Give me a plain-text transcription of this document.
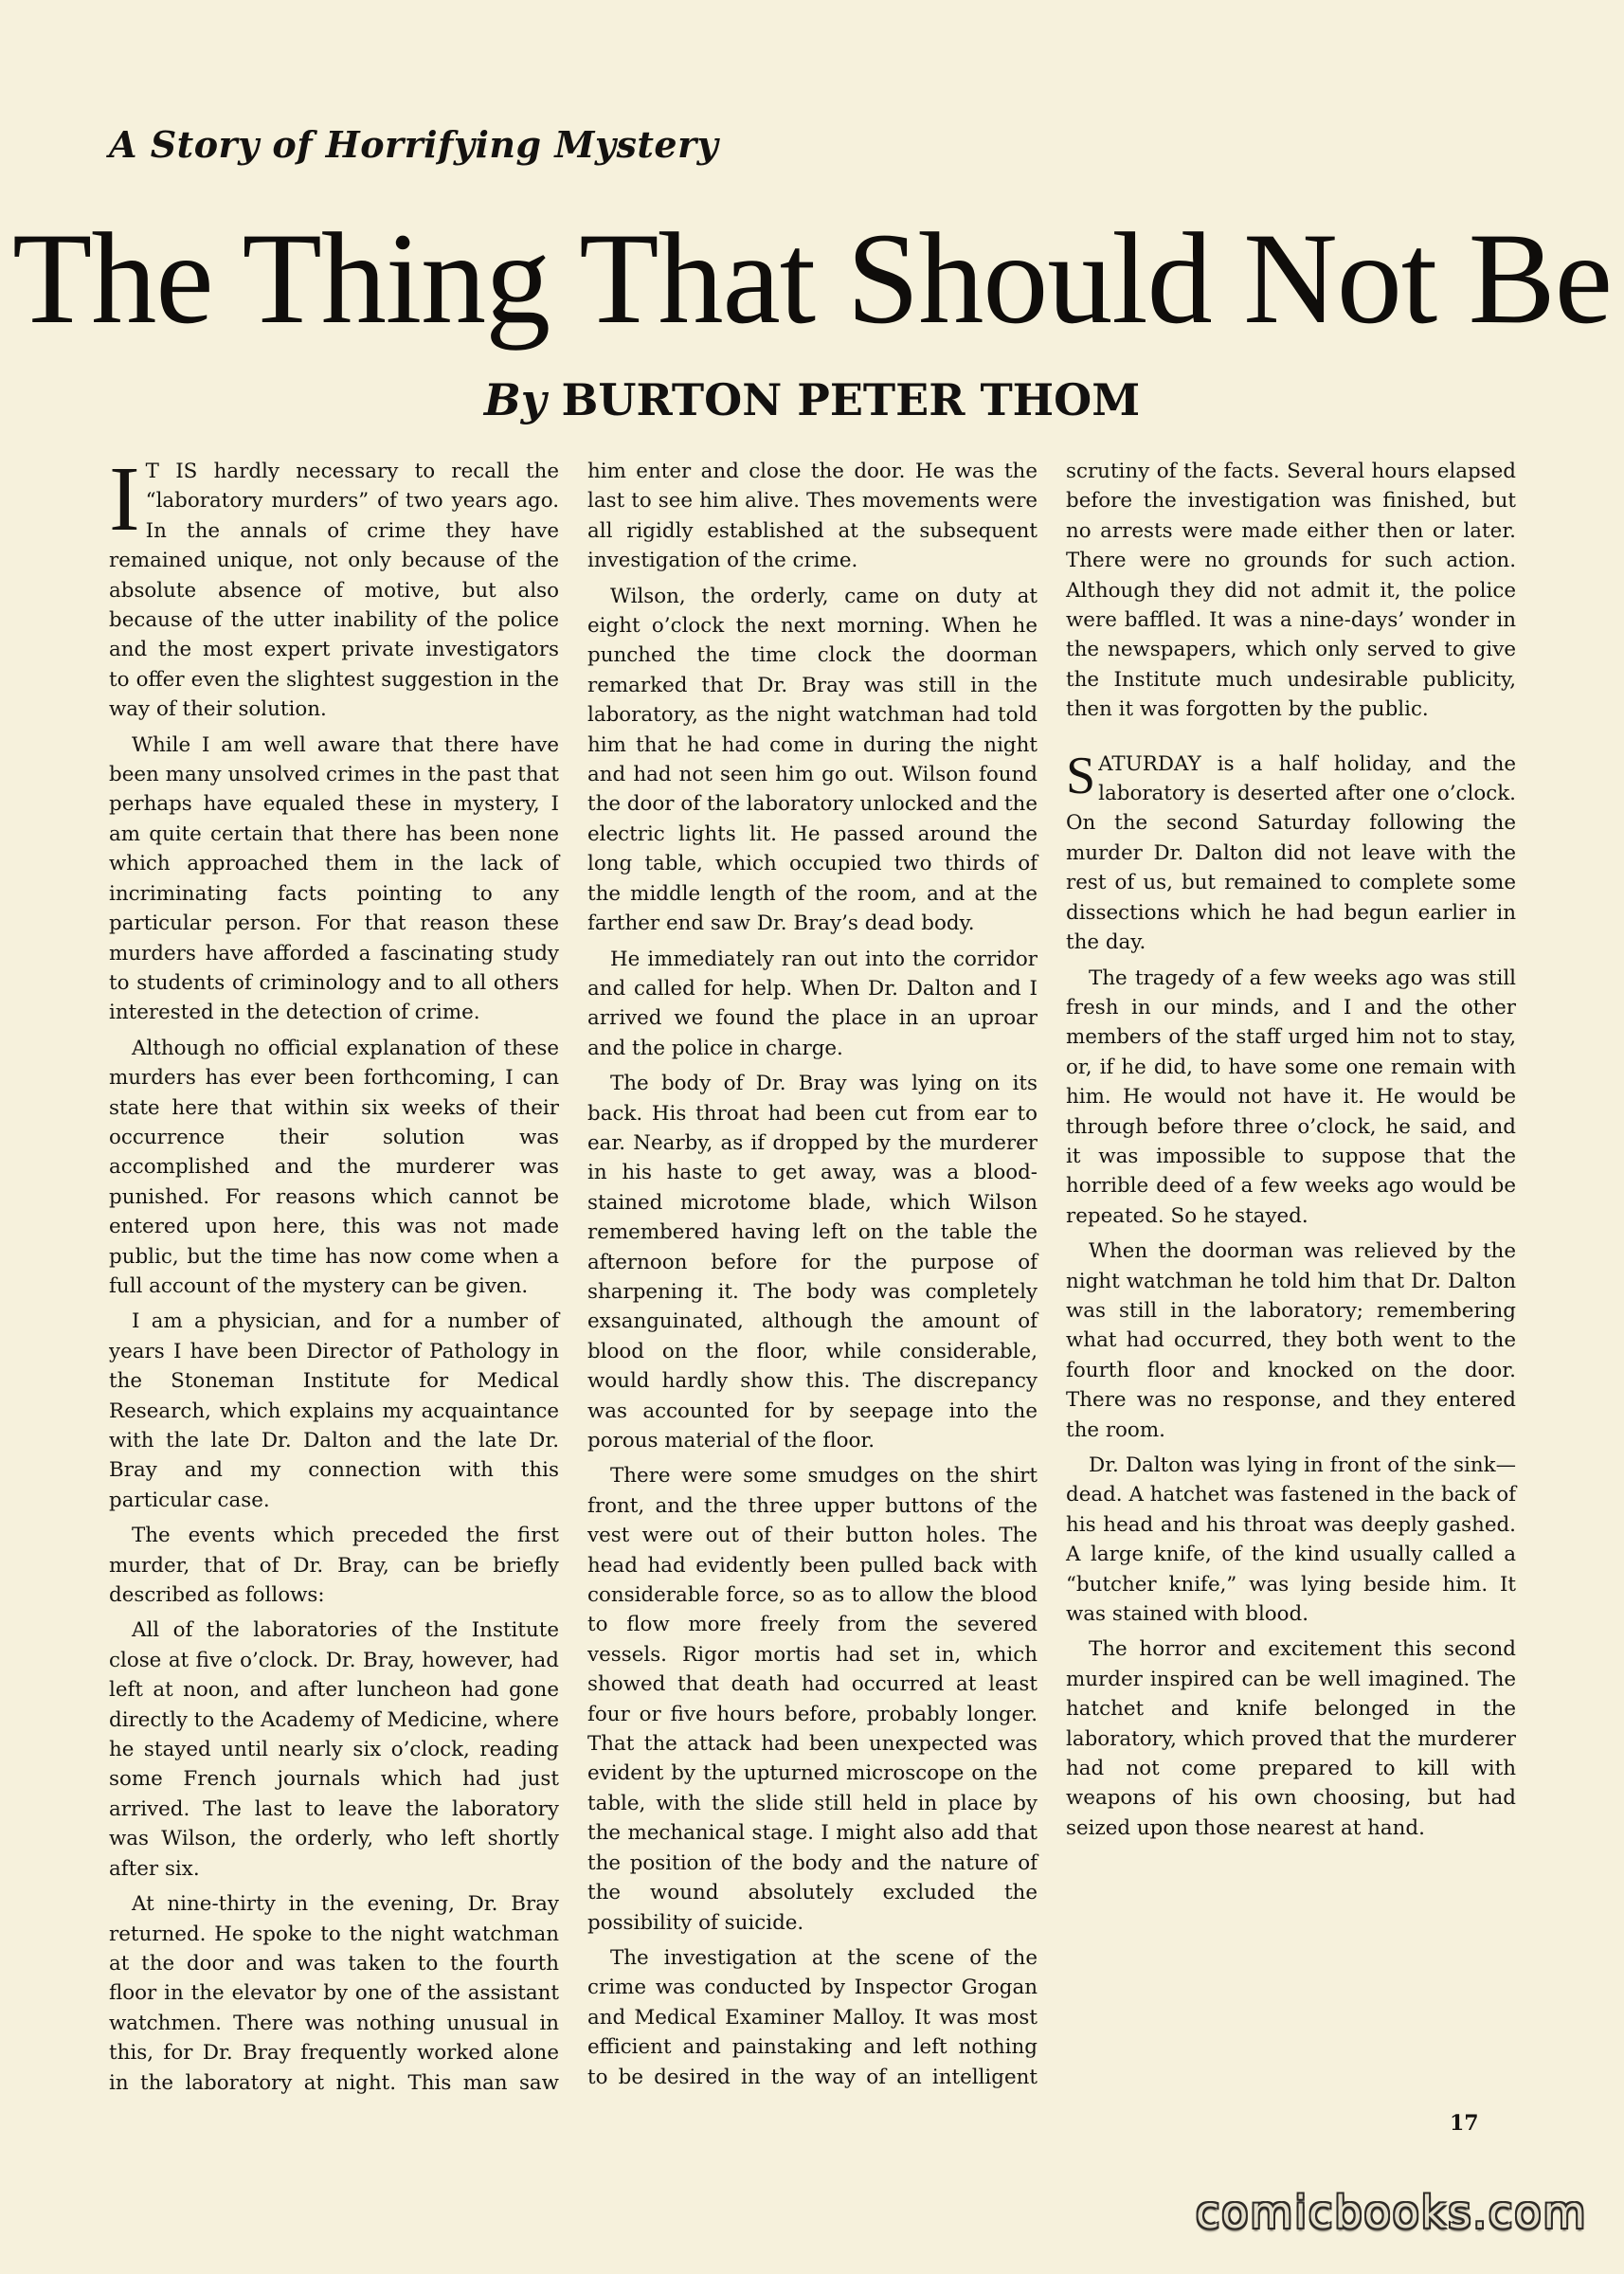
A Story of Horrifying Mystery
The Thing That Should Not Be
By BURTON PETER THOM

I T IS hardly necessary to recall the “laboratory murders” of two years ago. In the annals of crime they have remained unique, not only because of the absolute absence of motive, but also because of the utter inability of the police and the most expert private investigators to offer even the slightest suggestion in the way of their solution.

While I am well aware that there have been many unsolved crimes in the past that perhaps have equaled these in mystery, I am quite certain that there has been none which approached them in the lack of incriminating facts pointing to any particular person. For that reason these murders have afforded a fascinating study to students of criminology and to all others interested in the detection of crime.

Although no official explanation of these murders has ever been forthcoming, I can state here that within six weeks of their occurrence their solution was accomplished and the murderer was punished. For reasons which cannot be entered upon here, this was not made public, but the time has now come when a full account of the mystery can be given.

I am a physician, and for a number of years I have been Director of Pathology in the Stoneman Institute for Medical Research, which explains my acquaintance with the late Dr. Dalton and the late Dr. Bray and my connection with this particular case.

The events which preceded the first murder, that of Dr. Bray, can be briefly described as follows:

All of the laboratories of the Institute close at five o’clock. Dr. Bray, however, had left at noon, and after luncheon had gone directly to the Academy of Medicine, where he stayed until nearly six o’clock, reading some French journals which had just arrived. The last to leave the laboratory was Wilson, the orderly, who left shortly after six.

At nine-thirty in the evening, Dr. Bray returned. He spoke to the night watchman at the door and was taken to the fourth floor in the elevator by one of the assistant watchmen. There was nothing unusual in this, for Dr. Bray frequently worked alone in the laboratory at night. This man saw him enter and close the door. He was the last to see him alive. Thes movements were all rigidly established at the subsequent investigation of the crime.

Wilson, the orderly, came on duty at eight o’clock the next morning. When he punched the time clock the doorman remarked that Dr. Bray was still in the laboratory, as the night watchman had told him that he had come in during the night and had not seen him go out. Wilson found the door of the laboratory unlocked and the electric lights lit. He passed around the long table, which occupied two thirds of the middle length of the room, and at the farther end saw Dr. Bray’s dead body.

He immediately ran out into the corridor and called for help. When Dr. Dalton and I arrived we found the place in an uproar and the police in charge.

The body of Dr. Bray was lying on its back. His throat had been cut from ear to ear. Nearby, as if dropped by the murderer in his haste to get away, was a blood-stained microtome blade, which Wilson remembered having left on the table the afternoon before for the purpose of sharpening it. The body was completely exsanguinated, although the amount of blood on the floor, while considerable, would hardly show this. The discrepancy was accounted for by seepage into the porous material of the floor.

There were some smudges on the shirt front, and the three upper buttons of the vest were out of their button holes. The head had evidently been pulled back with considerable force, so as to allow the blood to flow more freely from the severed vessels. Rigor mortis had set in, which showed that death had occurred at least four or five hours before, probably longer. That the attack had been unexpected was evident by the upturned microscope on the table, with the slide still held in place by the mechanical stage. I might also add that the position of the body and the nature of the wound absolutely excluded the possibility of suicide.

The investigation at the scene of the crime was conducted by Inspector Grogan and Medical Examiner Malloy. It was most efficient and painstaking and left nothing to be desired in the way of an intelligent scrutiny of the facts. Several hours elapsed before the investigation was finished, but no arrests were made either then or later. There were no grounds for such action. Although they did not admit it, the police were baffled. It was a nine-days’ wonder in the newspapers, which only served to give the Institute much undesirable publicity, then it was forgotten by the public.

SATURDAY is a half holiday, and the laboratory is deserted after one o’clock. On the second Saturday following the murder Dr. Dalton did not leave with the rest of us, but remained to complete some dissections which he had begun earlier in the day.

The tragedy of a few weeks ago was still fresh in our minds, and I and the other members of the staff urged him not to stay, or, if he did, to have some one remain with him. He would not have it. He would be through before three o’clock, he said, and it was impossible to suppose that the horrible deed of a few weeks ago would be repeated. So he stayed.

When the doorman was relieved by the night watchman he told him that Dr. Dalton was still in the laboratory; remembering what had occurred, they both went to the fourth floor and knocked on the door. There was no response, and they entered the room.

Dr. Dalton was lying in front of the sink—dead. A hatchet was fastened in the back of his head and his throat was deeply gashed. A large knife, of the kind usually called a “butcher knife,” was lying beside him. It was stained with blood.

The horror and excitement this second murder inspired can be well imagined. The hatchet and knife belonged in the laboratory, which proved that the murderer had not come prepared to kill with weapons of his own choosing, but had seized upon those nearest at hand.

17
comicbooks.com
